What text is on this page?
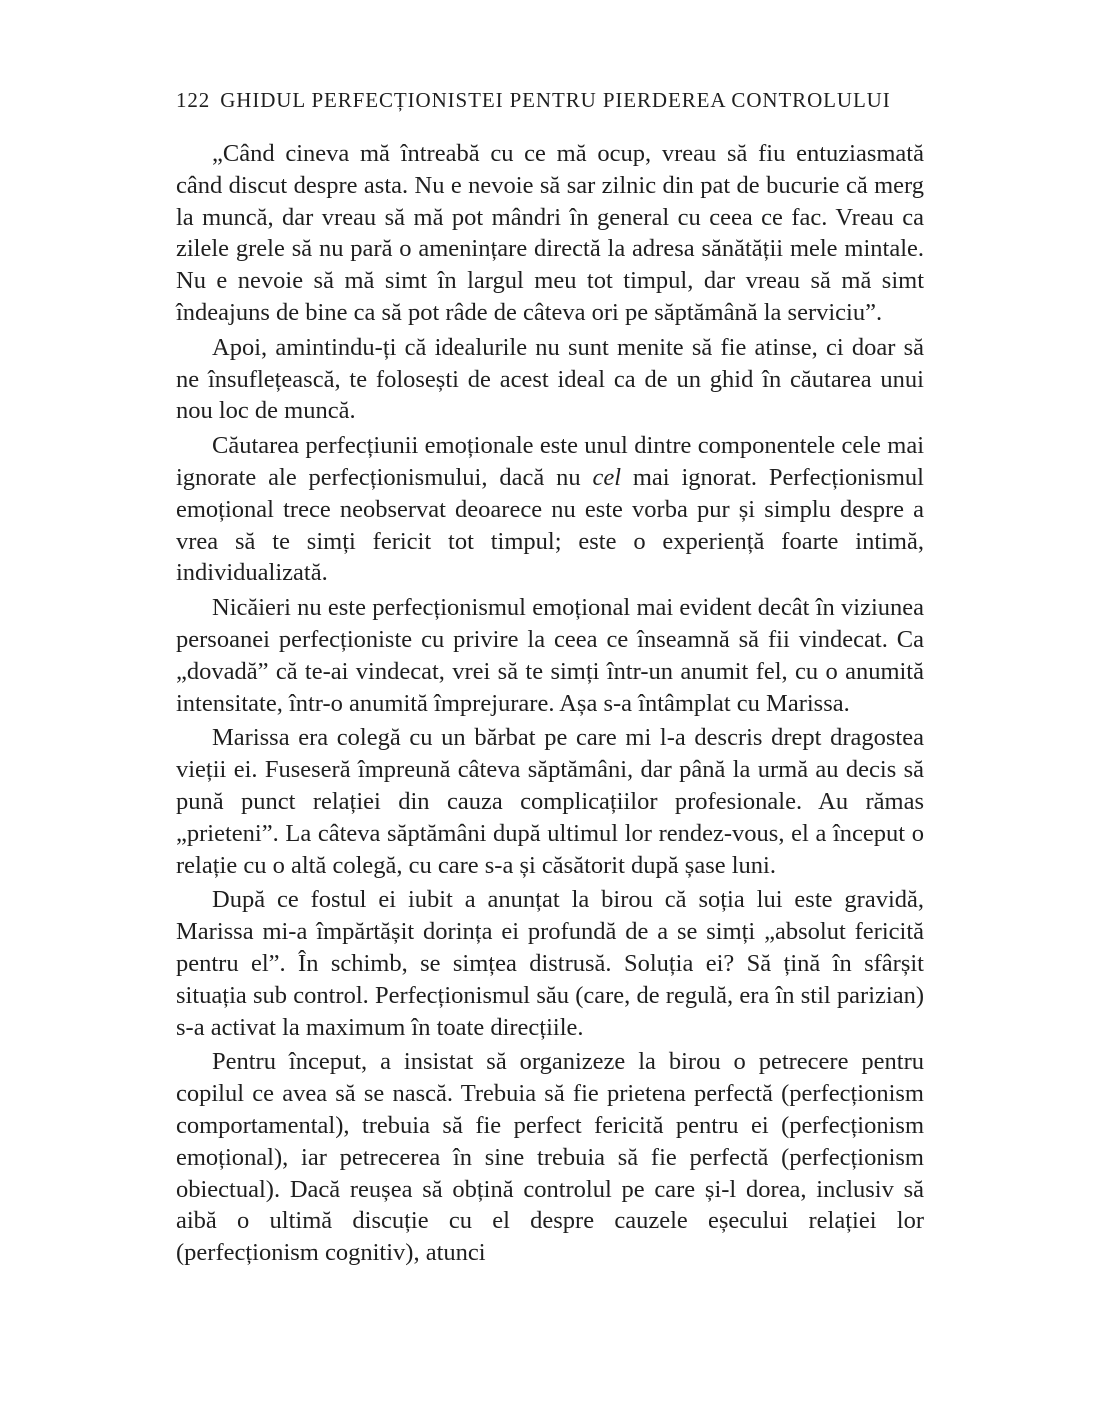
122 GHIDUL PERFECȚIONISTEI PENTRU PIERDEREA CONTROLULUI

„Când cineva mă întreabă cu ce mă ocup, vreau să fiu entuziasmată când discut despre asta. Nu e nevoie să sar zilnic din pat de bucurie că merg la muncă, dar vreau să mă pot mândri în general cu ceea ce fac. Vreau ca zilele grele să nu pară o amenințare directă la adresa sănătății mele mintale. Nu e nevoie să mă simt în largul meu tot timpul, dar vreau să mă simt îndeajuns de bine ca să pot râde de câteva ori pe săptămână la serviciu”.

Apoi, amintindu-ți că idealurile nu sunt menite să fie atinse, ci doar să ne însuflețească, te folosești de acest ideal ca de un ghid în căutarea unui nou loc de muncă.

Căutarea perfecțiunii emoționale este unul dintre componentele cele mai ignorate ale perfecționismului, dacă nu cel mai ignorat. Perfecționismul emoțional trece neobservat deoarece nu este vorba pur și simplu despre a vrea să te simți fericit tot timpul; este o experiență foarte intimă, individualizată.

Nicăieri nu este perfecționismul emoțional mai evident decât în viziunea persoanei perfecționiste cu privire la ceea ce înseamnă să fii vindecat. Ca „dovadă” că te-ai vindecat, vrei să te simți într-un anumit fel, cu o anumită intensitate, într-o anumită împrejurare. Așa s-a întâmplat cu Marissa.

Marissa era colegă cu un bărbat pe care mi l-a descris drept dragostea vieții ei. Fuseseră împreună câteva săptămâni, dar până la urmă au decis să pună punct relației din cauza complicațiilor profesionale. Au rămas „prieteni”. La câteva săptămâni după ultimul lor rendez-vous, el a început o relație cu o altă colegă, cu care s-a și căsătorit după șase luni.

După ce fostul ei iubit a anunțat la birou că soția lui este gravidă, Marissa mi-a împărtășit dorința ei profundă de a se simți „absolut fericită pentru el”. În schimb, se simțea distrusă. Soluția ei? Să țină în sfârșit situația sub control. Perfecționismul său (care, de regulă, era în stil parizian) s-a activat la maximum în toate direcțiile.

Pentru început, a insistat să organizeze la birou o petrecere pentru copilul ce avea să se nască. Trebuia să fie prietena perfectă (perfecționism comportamental), trebuia să fie perfect fericită pentru ei (perfecționism emoțional), iar petrecerea în sine trebuia să fie perfectă (perfecționism obiectual). Dacă reușea să obțină controlul pe care și-l dorea, inclusiv să aibă o ultimă discuție cu el despre cauzele eșecului relației lor (perfecționism cognitiv), atunci
